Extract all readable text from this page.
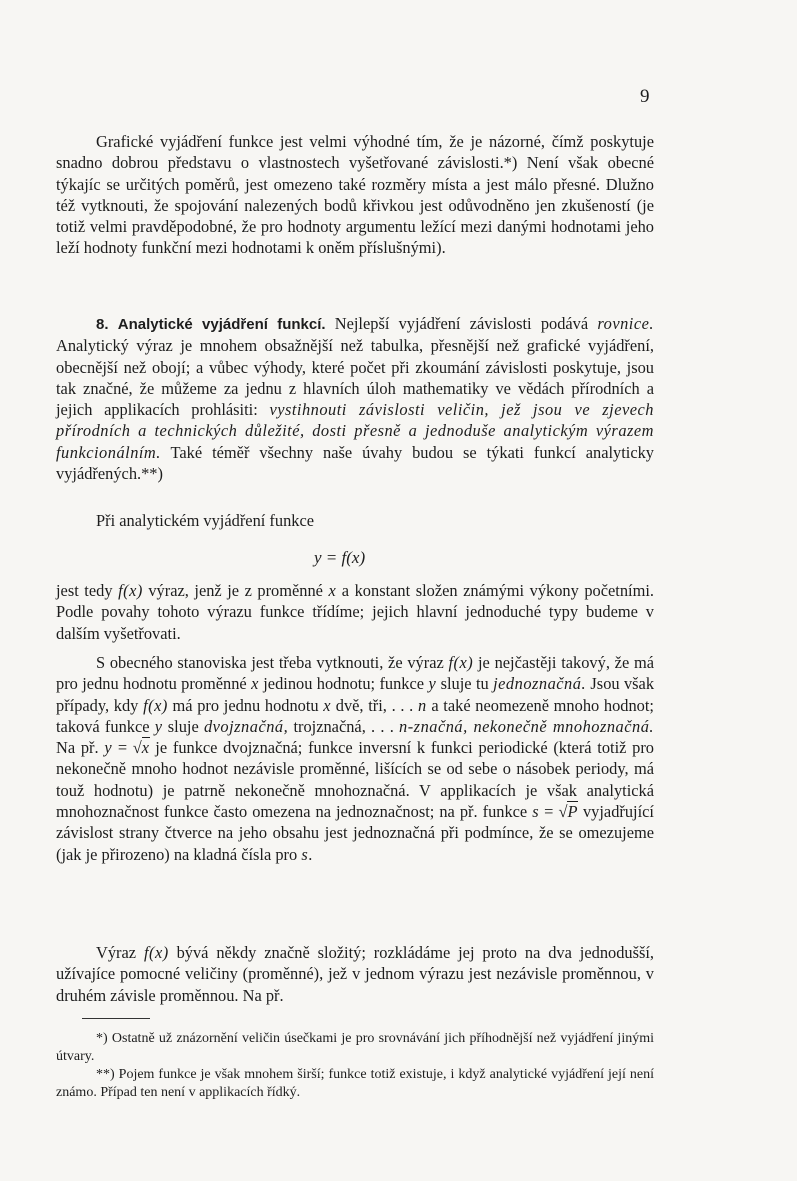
9
Grafické vyjádření funkce jest velmi výhodné tím, že je názorné, čímž poskytuje snadno dobrou představu o vlastnostech vyšetřované závislosti.*) Není však obecné týkajíc se určitých poměrů, jest omezeno také rozměry místa a jest málo přesné. Dlužno též vytknouti, že spojování nalezených bodů křivkou jest odůvodněno jen zkušeností (je totiž velmi pravděpodobné, že pro hodnoty argumentu ležící mezi danými hodnotami jeho leží hodnoty funkční mezi hodnotami k oněm příslušnými).
8. Analytické vyjádření funkcí. Nejlepší vyjádření závislosti podává rovnice. Analytický výraz je mnohem obsažnější než tabulka, přesnější než grafické vyjádření, obecnější než obojí; a vůbec výhody, které počet při zkoumání závislosti poskytuje, jsou tak značné, že můžeme za jednu z hlavních úloh mathematiky ve vědách přírodních a jejich applikacích prohlásiti: vystihnouti závislosti veličin, jež jsou ve zjevech přírodních a technických důležité, dosti přesně a jednoduše analytickým výrazem funkcionálním. Také téměř všechny naše úvahy budou se týkati funkcí analyticky vyjádřených.**)
Při analytickém vyjádření funkce
y = f(x)
jest tedy f(x) výraz, jenž je z proměnné x a konstant složen známými výkony početními. Podle povahy tohoto výrazu funkce třídíme; jejich hlavní jednoduché typy budeme v dalším vyšetřovati.
S obecného stanoviska jest třeba vytknouti, že výraz f(x) je nejčastěji takový, že má pro jednu hodnotu proměnné x jedinou hodnotu; funkce y sluje tu jednoznačná. Jsou však případy, kdy f(x) má pro jednu hodnotu x dvě, tři, . . . n a také neomezeně mnoho hodnot; taková funkce y sluje dvojznačná, trojznačná, . . . n-značná, nekonečně mnohoznačná. Na př. y = √x je funkce dvojznačná; funkce inversní k funkci periodické (která totiž pro nekonečně mnoho hodnot nezávisle proměnné, lišících se od sebe o násobek periody, má touž hodnotu) je patrně nekonečně mnohoznačná. V applikacích je však analytická mnohoznačnost funkce často omezena na jednoznačnost; na př. funkce s = √P vyjadřující závislost strany čtverce na jeho obsahu jest jednoznačná při podmínce, že se omezujeme (jak je přirozeno) na kladná čísla pro s.
Výraz f(x) bývá někdy značně složitý; rozkládáme jej proto na dva jednodušší, užívajíce pomocné veličiny (proměnné), jež v jednom výrazu jest nezávisle proměnnou, v druhém závisle proměnnou. Na př.
*) Ostatně už znázornění veličin úsečkami je pro srovnávání jich příhodnější než vyjádření jinými útvary.
**) Pojem funkce je však mnohem širší; funkce totiž existuje, i když analytické vyjádření její není známo. Případ ten není v applikacích řídký.
